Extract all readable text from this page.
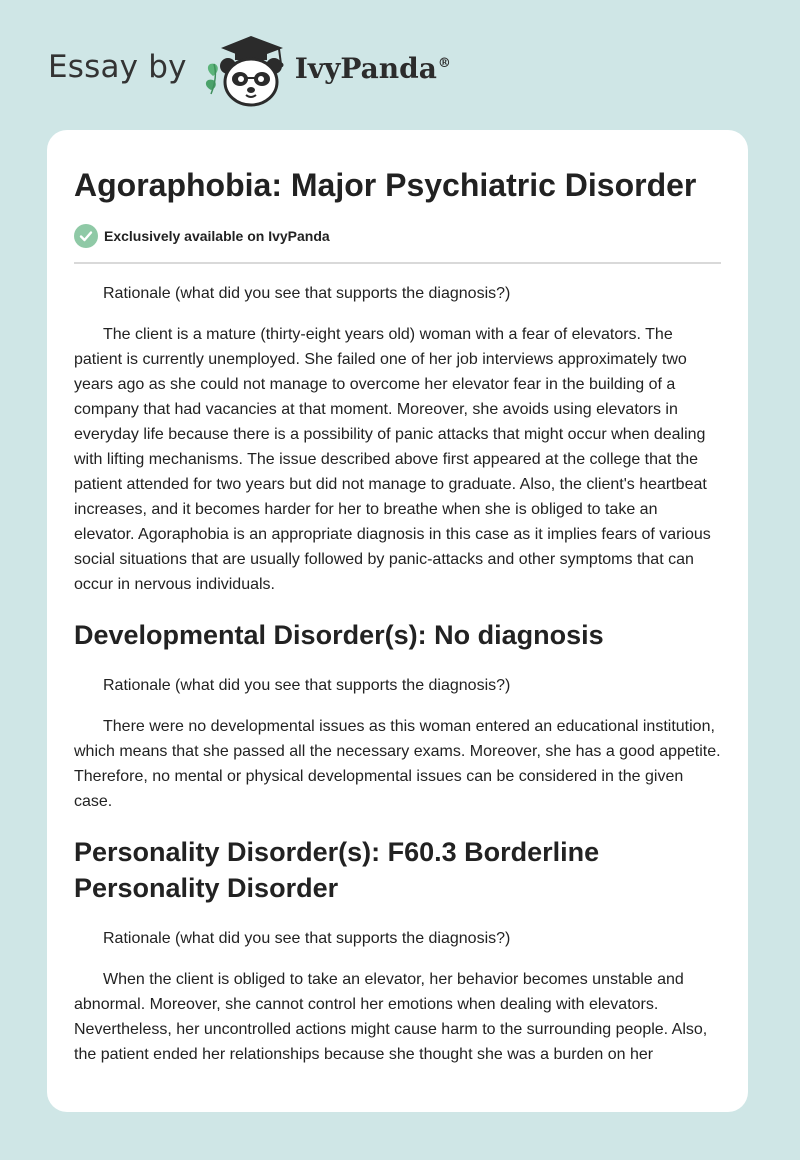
Essay by	IvyPanda®
Agoraphobia: Major Psychiatric Disorder
Exclusively available on IvyPanda

Rationale (what did you see that supports the diagnosis?)

The client is a mature (thirty-eight years old) woman with a fear of elevators. The patient is currently unemployed. She failed one of her job interviews approximately two years ago as she could not manage to overcome her elevator fear in the building of a company that had vacancies at that moment. Moreover, she avoids using elevators in everyday life because there is a possibility of panic attacks that might occur when dealing with lifting mechanisms. The issue described above first appeared at the college that the patient attended for two years but did not manage to graduate. Also, the client's heartbeat increases, and it becomes harder for her to breathe when she is obliged to take an elevator. Agoraphobia is an appropriate diagnosis in this case as it implies fears of various social situations that are usually followed by panic-attacks and other symptoms that can occur in nervous individuals.

Developmental Disorder(s): No diagnosis

Rationale (what did you see that supports the diagnosis?)

There were no developmental issues as this woman entered an educational institution, which means that she passed all the necessary exams. Moreover, she has a good appetite. Therefore, no mental or physical developmental issues can be considered in the given case.

Personality Disorder(s): F60.3 Borderline Personality Disorder

Rationale (what did you see that supports the diagnosis?)

When the client is obliged to take an elevator, her behavior becomes unstable and abnormal. Moreover, she cannot control her emotions when dealing with elevators. Nevertheless, her uncontrolled actions might cause harm to the surrounding people. Also, the patient ended her relationships because she thought she was a burden on her
